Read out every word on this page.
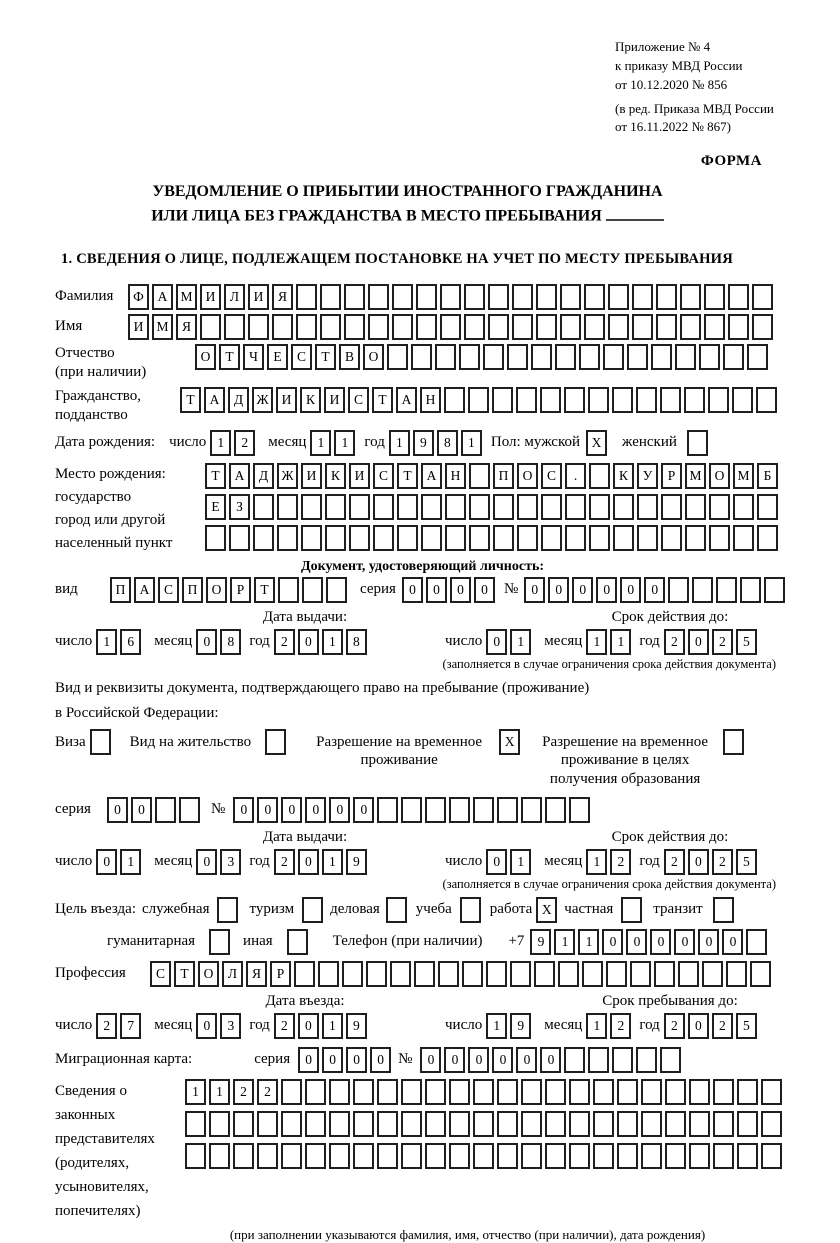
Приложение № 4
к приказу МВД России
от 10.12.2020 № 856
(в ред. Приказа МВД России
от 16.11.2022 № 867)
ФОРМА
УВЕДОМЛЕНИЕ О ПРИБЫТИИ ИНОСТРАННОГО ГРАЖДАНИНА
ИЛИ ЛИЦА БЕЗ ГРАЖДАНСТВА В МЕСТО ПРЕБЫВАНИЯ
1. СВЕДЕНИЯ О ЛИЦЕ, ПОДЛЕЖАЩЕМ ПОСТАНОВКЕ НА УЧЕТ ПО МЕСТУ ПРЕБЫВАНИЯ
Фамилия	Ф	А М И	Л	И	Я
Имя	И М Я
Отчество
(при наличии)
О	Т	Ч	Е	С	Т	В	О
Гражданство,
подданство
Т	А	Д Ж И	К	И	С	Т	А	Н
Дата рождения: число 1	2	месяц 1	1	год 1	9	8	1	Пол: мужской X	женский
Место рождения:
государство
город или другой
населенный пункт
Т	А	Д Ж И	К	И	С	Т	А	Н	П	О	С	.	К	У	Р	М О М	Б
Е	З
Документ, удостоверяющий личность:
вид	П	А	С	П	О	Р	Т	серия 0	0	0	0	№ 0	0	0	0	0	0
Дата выдачи:	Срок действия до:
число 1	6	месяц 0	8	год 2	0	1	8	число 0	1	месяц 1	1	год 2	0	2	5
(заполняется в случае ограничения срока действия документа)
Вид и реквизиты документа, подтверждающего право на пребывание (проживание)
в Российской Федерации:
Виза	Вид на жительство	Разрешение на временное
проживание
X	Разрешение на временное
проживание в целях
получения образования
серия	0	0	№	0	0	0	0	0	0
Дата выдачи:	Срок действия до:
число 0	1	месяц 0	3	год 2	0	1	9	число 0	1	месяц 1	2	год 2	0	2	5
(заполняется в случае ограничения срока действия документа)
Цель въезда: служебная	туризм деловая учеба	работа X частная	транзит
гуманитарная	иная	Телефон (при наличии) +7 9	1	1	0	0	0	0	0	0
Профессия	С	Т	О	Л	Я	Р
Дата въезда:	Срок пребывания до:
число 2	7	месяц 0	3	год 2	0	1	9	число 1	9	месяц 1	2	год 2	0	2	5
Миграционная карта:	серия	0	0	0	0 №	0	0	0	0	0	0
Сведения о
законных
представителях
(родителях,
усыновителях,
попечителях)
1	1	2	2
(при заполнении указываются фамилия, имя, отчество (при наличии), дата рождения)
